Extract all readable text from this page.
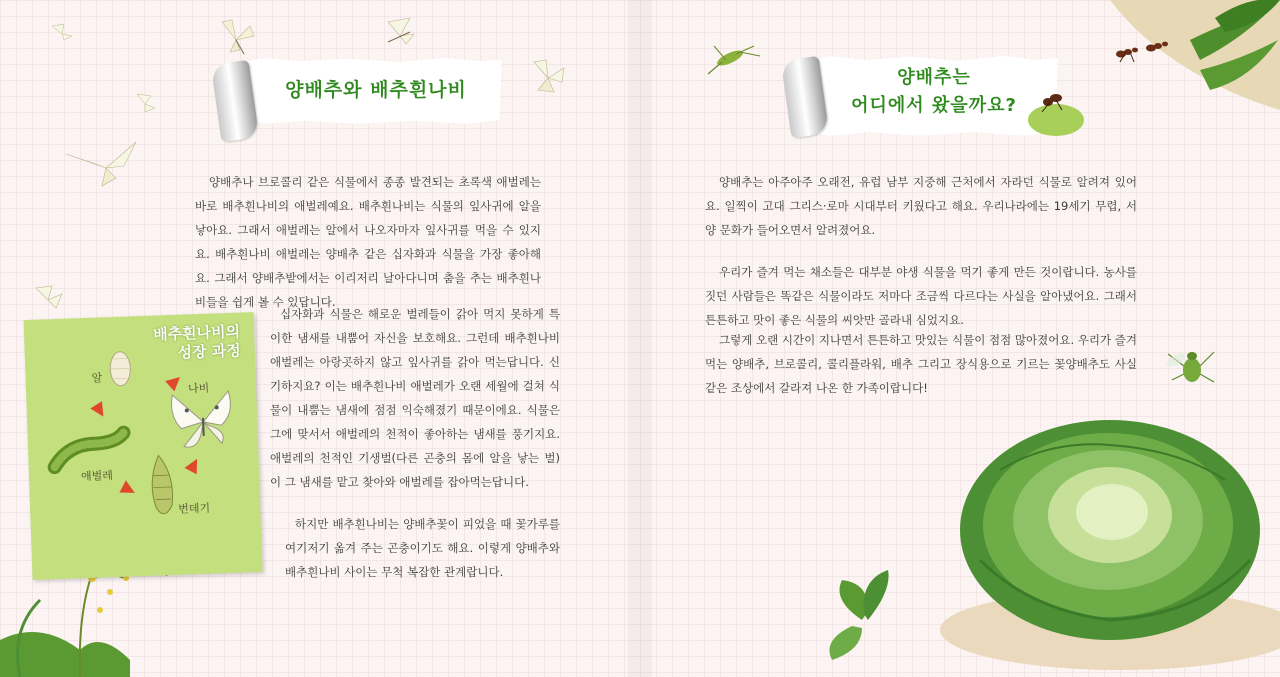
양배추와 배추흰나비

양배추나 브로콜리 같은 식물에서 종종 발견되는 초록색 애벌레는 바로 배추흰나비의 애벌레예요. 배추흰나비는 식물의 잎사귀에 알을 낳아요. 그래서 애벌레는 알에서 나오자마자 잎사귀를 먹을 수 있지요. 배추흰나비 애벌레는 양배추 같은 십자화과 식물을 가장 좋아해요. 그래서 양배추밭에서는 이리저리 날아다니며 춤을 추는 배추흰나비들을 쉽게 볼 수 있답니다.

십자화과 식물은 해로운 벌레들이 갉아 먹지 못하게 특이한 냄새를 내뿜어 자신을 보호해요. 그런데 배추흰나비 애벌레는 아랑곳하지 않고 잎사귀를 갉아 먹는답니다. 신기하지요? 이는 배추흰나비 애벌레가 오랜 세월에 걸쳐 식물이 내뿜는 냄새에 점점 익숙해졌기 때문이에요. 식물은 그에 맞서서 애벌레의 천적이 좋아하는 냄새를 풍기지요. 애벌레의 천적인 기생벌(다른 곤충의 몸에 알을 낳는 벌)이 그 냄새를 맡고 찾아와 애벌레를 잡아먹는답니다.

하지만 배추흰나비는 양배추꽃이 피었을 때 꽃가루를 여기저기 옮겨 주는 곤충이기도 해요. 이렇게 양배추와 배추흰나비 사이는 무척 복잡한 관계랍니다.

배추흰나비의
성장 과정
▼
▼
▼
▼
알
나비
애벌레
번데기
양배추는
어디에서 왔을까요?

양배추는 아주아주 오래전, 유럽 남부 지중해 근처에서 자라던 식물로 알려져 있어요. 일찍이 고대 그리스·로마 시대부터 키웠다고 해요. 우리나라에는 19세기 무렵, 서양 문화가 들어오면서 알려졌어요.

우리가 즐겨 먹는 채소들은 대부분 야생 식물을 먹기 좋게 만든 것이랍니다. 농사를 짓던 사람들은 똑같은 식물이라도 저마다 조금씩 다르다는 사실을 알아냈어요. 그래서 튼튼하고 맛이 좋은 식물의 씨앗만 골라내 심었지요.

그렇게 오랜 시간이 지나면서 튼튼하고 맛있는 식물이 점점 많아졌어요. 우리가 즐겨 먹는 양배추, 브로콜리, 콜리플라워, 배추 그리고 장식용으로 기르는 꽃양배추도 사실 같은 조상에서 갈라져 나온 한 가족이랍니다!
